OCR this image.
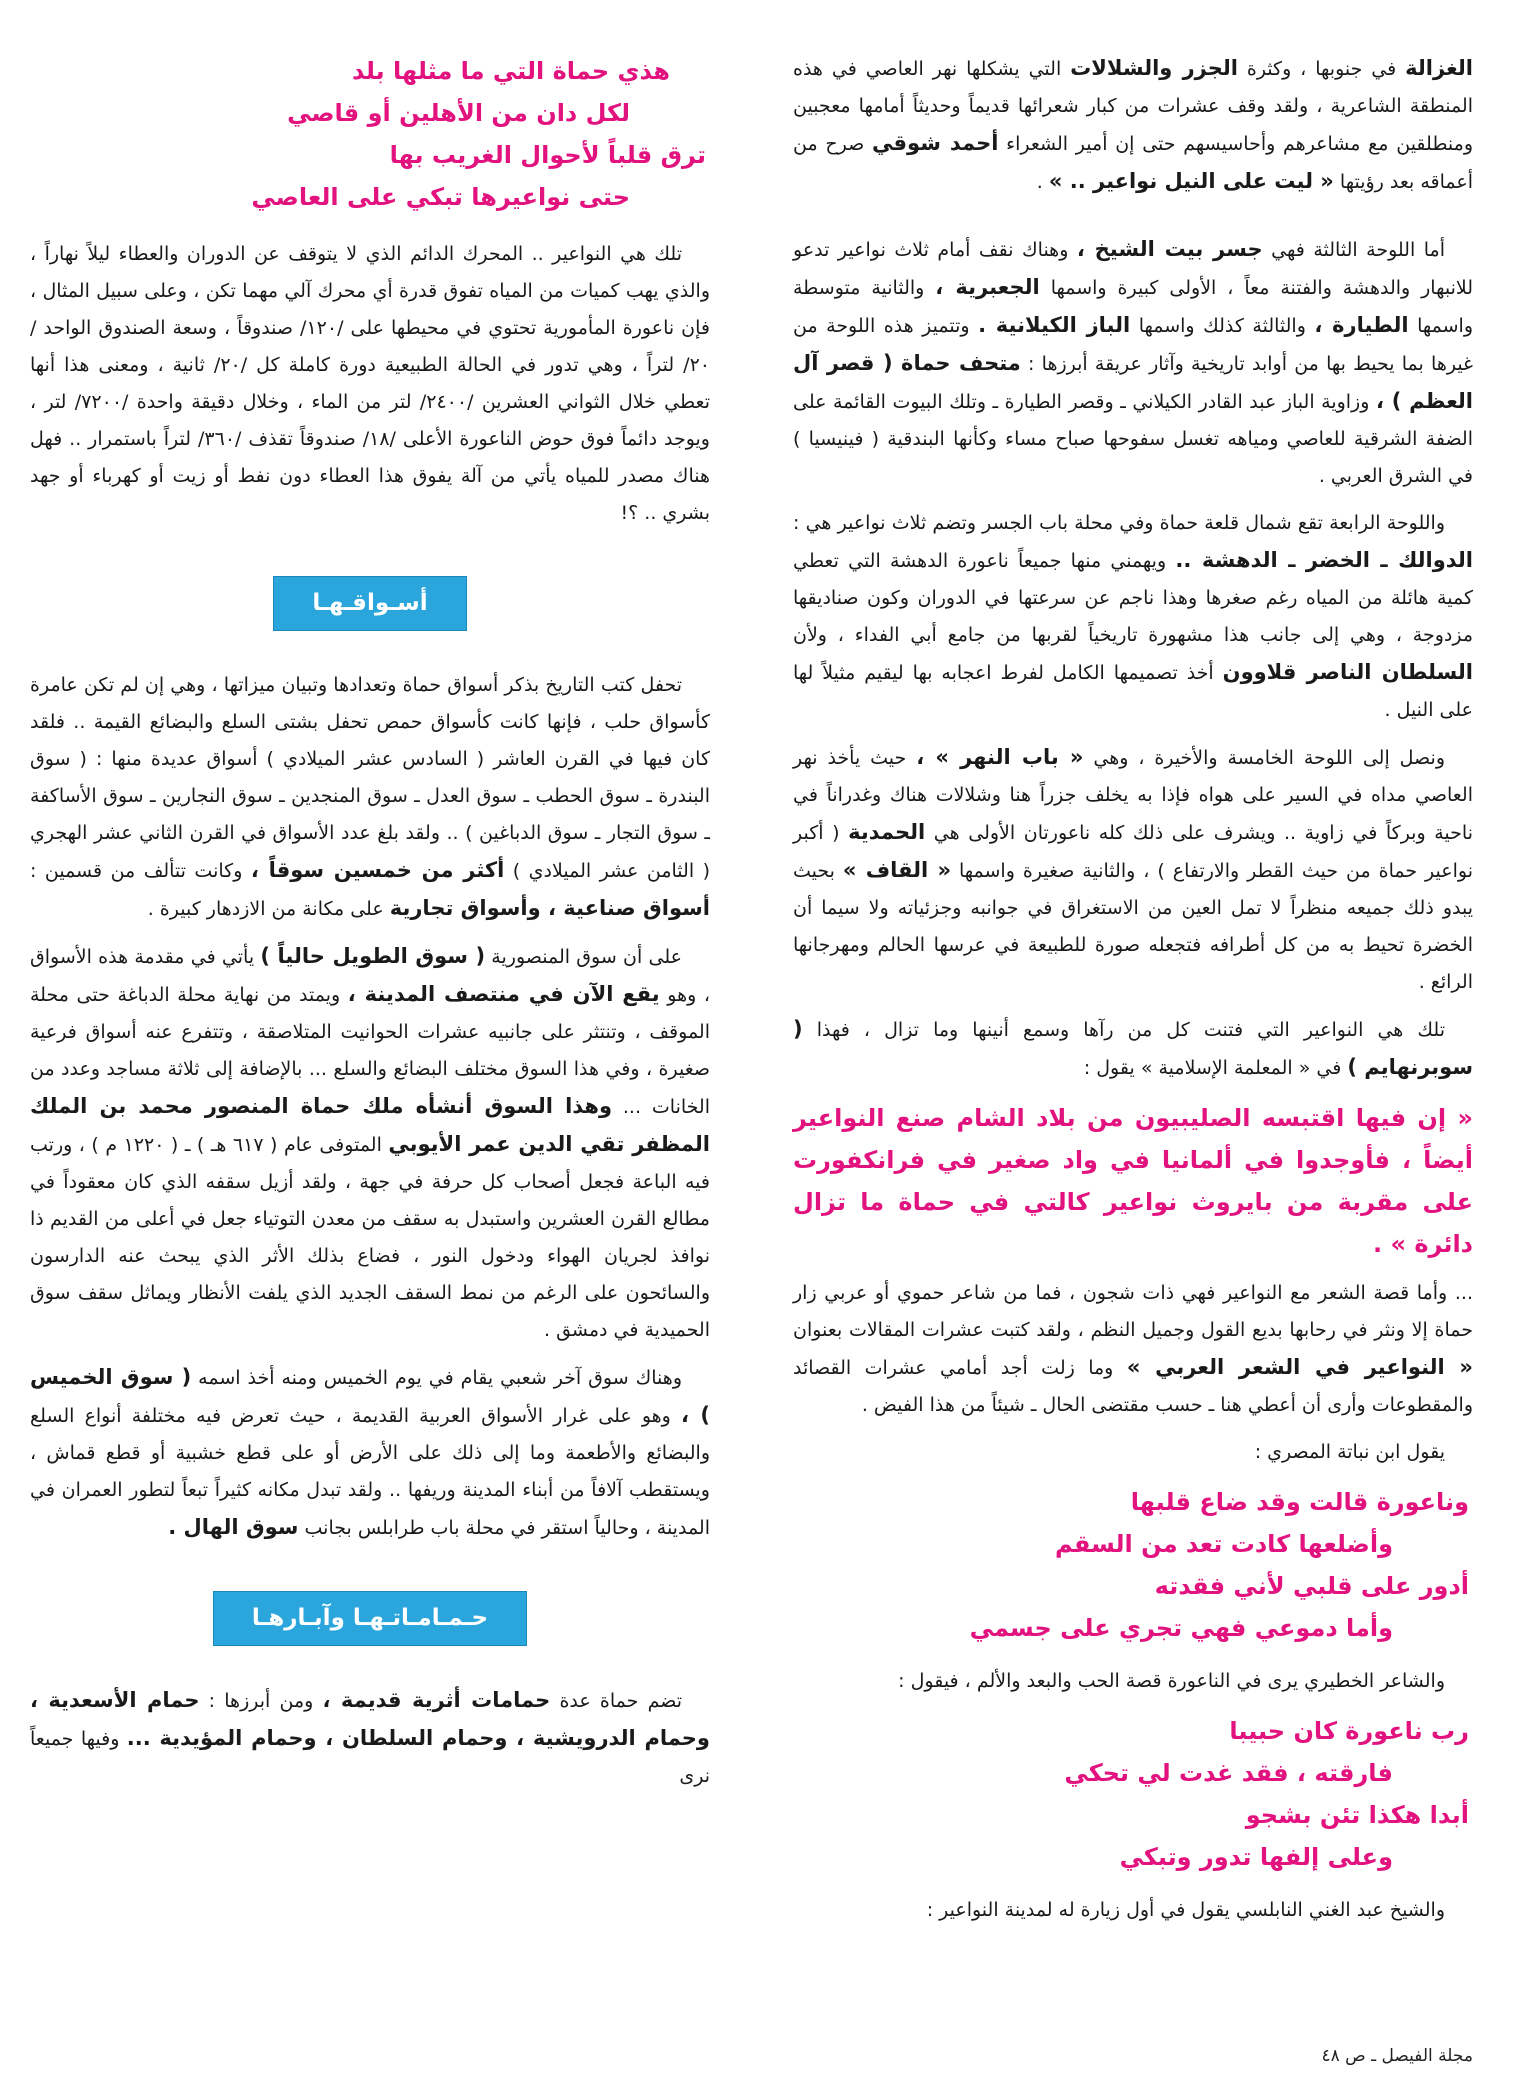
الغزالة في جنوبها ، وكثرة الجزر والشلالات التي يشكلها نهر العاصي في هذه المنطقة الشاعرية ، ولقد وقف عشرات من كبار شعرائها قديماً وحديثاً أمامها معجبين ومنطلقين مع مشاعرهم وأحاسيسهم حتى إن أمير الشعراء أحمد شوقي صرح من أعماقه بعد رؤيتها « ليت على النيل نواعير .. » .

أما اللوحة الثالثة فهي جسر بيت الشيخ ، وهناك نقف أمام ثلاث نواعير تدعو للانبهار والدهشة والفتنة معاً ، الأولى كبيرة واسمها الجعبرية ، والثانية متوسطة واسمها الطيارة ، والثالثة كذلك واسمها الباز الكيلانية . وتتميز هذه اللوحة من غيرها بما يحيط بها من أوابد تاريخية وآثار عريقة أبرزها : متحف حماة ( قصر آل العظم ) ، وزاوية الباز عبد القادر الكيلاني ـ وقصر الطيارة ـ وتلك البيوت القائمة على الضفة الشرقية للعاصي ومياهه تغسل سفوحها صباح مساء وكأنها البندقية ( فينيسيا ) في الشرق العربي .

واللوحة الرابعة تقع شمال قلعة حماة وفي محلة باب الجسر وتضم ثلاث نواعير هي : الدوالك ـ الخضر ـ الدهشة .. ويهمني منها جميعاً ناعورة الدهشة التي تعطي كمية هائلة من المياه رغم صغرها وهذا ناجم عن سرعتها في الدوران وكون صناديقها مزدوجة ، وهي إلى جانب هذا مشهورة تاريخياً لقربها من جامع أبي الفداء ، ولأن السلطان الناصر قلاوون أخذ تصميمها الكامل لفرط اعجابه بها ليقيم مثيلاً لها على النيل .

ونصل إلى اللوحة الخامسة والأخيرة ، وهي « باب النهر » ، حيث يأخذ نهر العاصي مداه في السير على هواه فإذا به يخلف جزراً هنا وشلالات هناك وغدراناً في ناحية وبركاً في زاوية .. ويشرف على ذلك كله ناعورتان الأولى هي الحمدية ( أكبر نواعير حماة من حيث القطر والارتفاع ) ، والثانية صغيرة واسمها « القاف » بحيث يبدو ذلك جميعه منظراً لا تمل العين من الاستغراق في جوانبه وجزئياته ولا سيما أن الخضرة تحيط به من كل أطرافه فتجعله صورة للطبيعة في عرسها الحالم ومهرجانها الرائع .

تلك هي النواعير التي فتنت كل من رآها وسمع أنينها وما تزال ، فهذا ( سوبرنهايم ) في « المعلمة الإسلامية » يقول :

« إن فيها اقتبسه الصليبيون من بلاد الشام صنع النواعير أيضاً ، فأوجدوا في ألمانيا في واد صغير في فرانكفورت على مقربة من بايروث نواعير كالتي في حماة ما تزال دائرة » .

... وأما قصة الشعر مع النواعير فهي ذات شجون ، فما من شاعر حموي أو عربي زار حماة إلا ونثر في رحابها بديع القول وجميل النظم ، ولقد كتبت عشرات المقالات بعنوان « النواعير في الشعر العربي » وما زلت أجد أمامي عشرات القصائد والمقطوعات وأرى أن أعطي هنا ـ حسب مقتضى الحال ـ شيئاً من هذا الفيض .

يقول ابن نباتة المصري :

وناعورة قالت وقد ضاع قلبها
وأضلعها كادت تعد من السقم
أدور على قلبي لأني فقدته
وأما دموعي فهي تجري على جسمي

والشاعر الخطيري يرى في الناعورة قصة الحب والبعد والألم ، فيقول :

رب ناعورة كان حبيبا
فارقته ، فقد غدت لي تحكي
أبدا هكذا تئن بشجو
وعلى إلفها تدور وتبكي

والشيخ عبد الغني النابلسي يقول في أول زيارة له لمدينة النواعير :

هذي حماة التي ما مثلها بلد
لكل دان من الأهلين أو قاصي
ترق قلباً لأحوال الغريب بها
حتى نواعيرها تبكي على العاصي

تلك هي النواعير .. المحرك الدائم الذي لا يتوقف عن الدوران والعطاء ليلاً نهاراً ، والذي يهب كميات من المياه تفوق قدرة أي محرك آلي مهما تكن ، وعلى سبيل المثال ، فإن ناعورة المأمورية تحتوي في محيطها على /١٢٠/ صندوقاً ، وسعة الصندوق الواحد /٢٠/ لتراً ، وهي تدور في الحالة الطبيعية دورة كاملة كل /٢٠/ ثانية ، ومعنى هذا أنها تعطي خلال الثواني العشرين /٢٤٠٠/ لتر من الماء ، وخلال دقيقة واحدة /٧٢٠٠/ لتر ، ويوجد دائماً فوق حوض الناعورة الأعلى /١٨/ صندوقاً تقذف /٣٦٠/ لتراً باستمرار .. فهل هناك مصدر للمياه يأتي من آلة يفوق هذا العطاء دون نفط أو زيت أو كهرباء أو جهد بشري .. ؟!

أسـواقـهـا

تحفل كتب التاريخ بذكر أسواق حماة وتعدادها وتبيان ميزاتها ، وهي إن لم تكن عامرة كأسواق حلب ، فإنها كانت كأسواق حمص تحفل بشتى السلع والبضائع القيمة .. فلقد كان فيها في القرن العاشر ( السادس عشر الميلادي ) أسواق عديدة منها : ( سوق البندرة ـ سوق الحطب ـ سوق العدل ـ سوق المنجدين ـ سوق النجارين ـ سوق الأساكفة ـ سوق التجار ـ سوق الدباغين ) .. ولقد بلغ عدد الأسواق في القرن الثاني عشر الهجري ( الثامن عشر الميلادي ) أكثر من خمسين سوقاً ، وكانت تتألف من قسمين : أسواق صناعية ، وأسواق تجارية على مكانة من الازدهار كبيرة .

على أن سوق المنصورية ( سوق الطويل حالياً ) يأتي في مقدمة هذه الأسواق ، وهو يقع الآن في منتصف المدينة ، ويمتد من نهاية محلة الدباغة حتى محلة الموقف ، وتنتثر على جانبيه عشرات الحوانيت المتلاصقة ، وتتفرع عنه أسواق فرعية صغيرة ، وفي هذا السوق مختلف البضائع والسلع ... بالإضافة إلى ثلاثة مساجد وعدد من الخانات ... وهذا السوق أنشأه ملك حماة المنصور محمد بن الملك المظفر تقي الدين عمر الأيوبي المتوفى عام ( ٦١٧ هـ ) ـ ( ١٢٢٠ م ) ، ورتب فيه الباعة فجعل أصحاب كل حرفة في جهة ، ولقد أزيل سقفه الذي كان معقوداً في مطالع القرن العشرين واستبدل به سقف من معدن التوتياء جعل في أعلى من القديم ذا نوافذ لجريان الهواء ودخول النور ، فضاع بذلك الأثر الذي يبحث عنه الدارسون والسائحون على الرغم من نمط السقف الجديد الذي يلفت الأنظار ويماثل سقف سوق الحميدية في دمشق .

وهناك سوق آخر شعبي يقام في يوم الخميس ومنه أخذ اسمه ( سوق الخميس ) ، وهو على غرار الأسواق العربية القديمة ، حيث تعرض فيه مختلفة أنواع السلع والبضائع والأطعمة وما إلى ذلك على الأرض أو على قطع خشبية أو قطع قماش ، ويستقطب آلافاً من أبناء المدينة وريفها .. ولقد تبدل مكانه كثيراً تبعاً لتطور العمران في المدينة ، وحالياً استقر في محلة باب طرابلس بجانب سوق الهال .

حـمـامـاتـهـا وآبـارهـا

تضم حماة عدة حمامات أثرية قديمة ، ومن أبرزها : حمام الأسعدية ، وحمام الدرويشية ، وحمام السلطان ، وحمام المؤيدية ... وفيها جميعاً نرى

مجلة الفيصل ـ ص ٤٨
